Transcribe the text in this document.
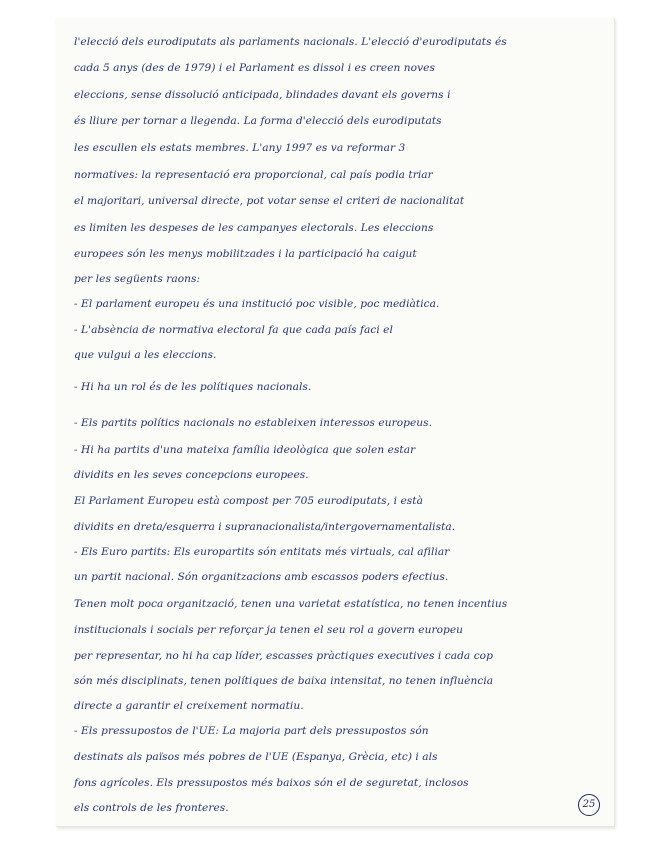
l'elecció dels eurodiputats als parlaments nacionals. L'elecció d'eurodiputats és
cada 5 anys (des de 1979) i el Parlament es dissol i es creen noves
eleccions, sense dissolució anticipada, blindades davant els governs i
és lliure per tornar a llegenda. La forma d'elecció dels eurodiputats
les escullen els estats membres. L'any 1997 es va reformar 3
normatives: la representació era proporcional, cal país podia triar
el majoritari, universal directe, pot votar sense el criteri de nacionalitat
es limiten les despeses de les campanyes electorals. Les eleccions
europees són les menys mobilitzades i la participació ha caigut
per les següents raons:
- El parlament europeu és una institució poc visible, poc mediàtica.
- L'absència de normativa electoral fa que cada país faci el
que vulgui a les eleccions.
- Hi ha un rol és de les polítiques nacionals.
- Els partits polítics nacionals no estableixen interessos europeus.
- Hi ha partits d'una mateixa família ideològica que solen estar
dividits en les seves concepcions europees.
El Parlament Europeu està compost per 705 eurodiputats, i està
dividits en dreta/esquerra i supranacionalista/intergovernamentalista.
- Els Euro partits: Els europartits són entitats més virtuals, cal afiliar
un partit nacional. Són organitzacions amb escassos poders efectius.
Tenen molt poca organització, tenen una varietat estatística, no tenen incentius
institucionals i socials per reforçar ja tenen el seu rol a govern europeu
per representar, no hi ha cap líder, escasses pràctiques executives i cada cop
són més disciplinats, tenen polítiques de baixa intensitat, no tenen influència
directe a garantir el creixement normatiu.
- Els pressupostos de l'UE: La majoria part dels pressupostos són
destinats als països més pobres de l'UE (Espanya, Grècia, etc) i als
fons agrícoles. Els pressupostos més baixos són el de seguretat, inclosos
els controls de les fronteres.	25
